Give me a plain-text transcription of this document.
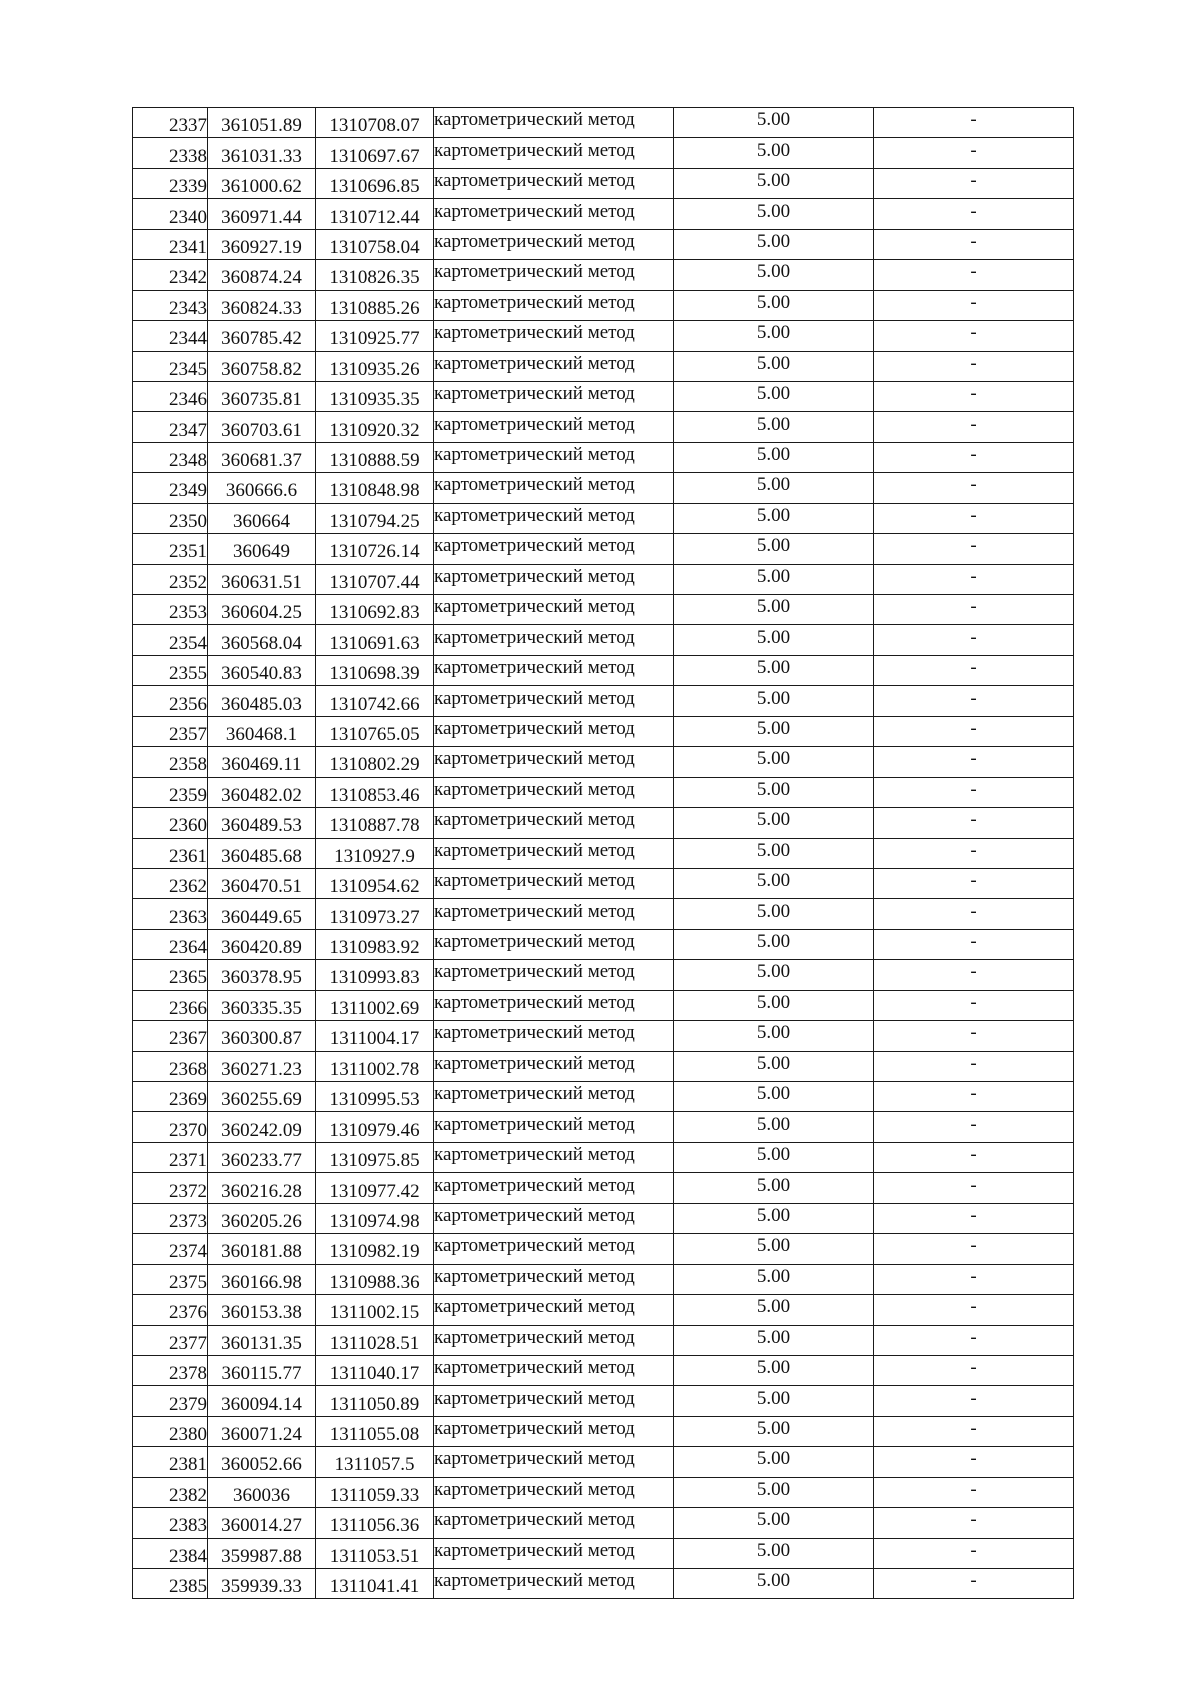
2337	361051.89	1310708.07	картометрический метод	5.00	-
2338	361031.33	1310697.67	картометрический метод	5.00	-
2339	361000.62	1310696.85	картометрический метод	5.00	-
2340	360971.44	1310712.44	картометрический метод	5.00	-
2341	360927.19	1310758.04	картометрический метод	5.00	-
2342	360874.24	1310826.35	картометрический метод	5.00	-
2343	360824.33	1310885.26	картометрический метод	5.00	-
2344	360785.42	1310925.77	картометрический метод	5.00	-
2345	360758.82	1310935.26	картометрический метод	5.00	-
2346	360735.81	1310935.35	картометрический метод	5.00	-
2347	360703.61	1310920.32	картометрический метод	5.00	-
2348	360681.37	1310888.59	картометрический метод	5.00	-
2349	360666.6	1310848.98	картометрический метод	5.00	-
2350	360664	1310794.25	картометрический метод	5.00	-
2351	360649	1310726.14	картометрический метод	5.00	-
2352	360631.51	1310707.44	картометрический метод	5.00	-
2353	360604.25	1310692.83	картометрический метод	5.00	-
2354	360568.04	1310691.63	картометрический метод	5.00	-
2355	360540.83	1310698.39	картометрический метод	5.00	-
2356	360485.03	1310742.66	картометрический метод	5.00	-
2357	360468.1	1310765.05	картометрический метод	5.00	-
2358	360469.11	1310802.29	картометрический метод	5.00	-
2359	360482.02	1310853.46	картометрический метод	5.00	-
2360	360489.53	1310887.78	картометрический метод	5.00	-
2361	360485.68	1310927.9	картометрический метод	5.00	-
2362	360470.51	1310954.62	картометрический метод	5.00	-
2363	360449.65	1310973.27	картометрический метод	5.00	-
2364	360420.89	1310983.92	картометрический метод	5.00	-
2365	360378.95	1310993.83	картометрический метод	5.00	-
2366	360335.35	1311002.69	картометрический метод	5.00	-
2367	360300.87	1311004.17	картометрический метод	5.00	-
2368	360271.23	1311002.78	картометрический метод	5.00	-
2369	360255.69	1310995.53	картометрический метод	5.00	-
2370	360242.09	1310979.46	картометрический метод	5.00	-
2371	360233.77	1310975.85	картометрический метод	5.00	-
2372	360216.28	1310977.42	картометрический метод	5.00	-
2373	360205.26	1310974.98	картометрический метод	5.00	-
2374	360181.88	1310982.19	картометрический метод	5.00	-
2375	360166.98	1310988.36	картометрический метод	5.00	-
2376	360153.38	1311002.15	картометрический метод	5.00	-
2377	360131.35	1311028.51	картометрический метод	5.00	-
2378	360115.77	1311040.17	картометрический метод	5.00	-
2379	360094.14	1311050.89	картометрический метод	5.00	-
2380	360071.24	1311055.08	картометрический метод	5.00	-
2381	360052.66	1311057.5	картометрический метод	5.00	-
2382	360036	1311059.33	картометрический метод	5.00	-
2383	360014.27	1311056.36	картометрический метод	5.00	-
2384	359987.88	1311053.51	картометрический метод	5.00	-
2385	359939.33	1311041.41	картометрический метод	5.00	-
